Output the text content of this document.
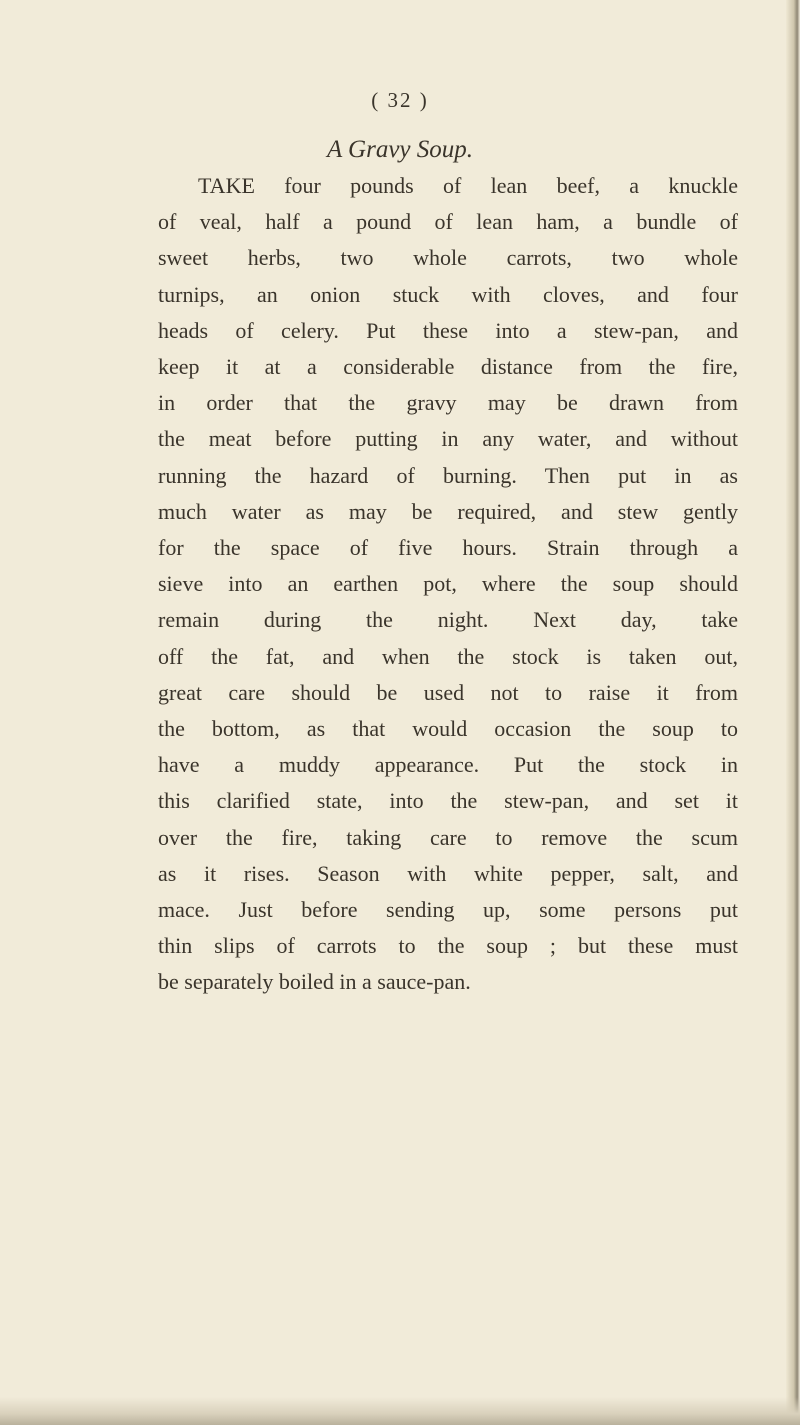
( 32 )
A Gravy Soup.
TAKE four pounds of lean beef, a knuckle
of veal, half a pound of lean ham, a bundle of
sweet herbs, two whole carrots, two whole
turnips, an onion stuck with cloves, and four
heads of celery. Put these into a stew-pan, and
keep it at a considerable distance from the fire,
in order that the gravy may be drawn from
the meat before putting in any water, and without
running the hazard of burning. Then put in as
much water as may be required, and stew gently
for the space of five hours. Strain through a
sieve into an earthen pot, where the soup should
remain during the night. Next day, take
off the fat, and when the stock is taken out,
great care should be used not to raise it from
the bottom, as that would occasion the soup to
have a muddy appearance. Put the stock in
this clarified state, into the stew-pan, and set it
over the fire, taking care to remove the scum
as it rises. Season with white pepper, salt, and
mace. Just before sending up, some persons put
thin slips of carrots to the soup ; but these must
be separately boiled in a sauce-pan.
